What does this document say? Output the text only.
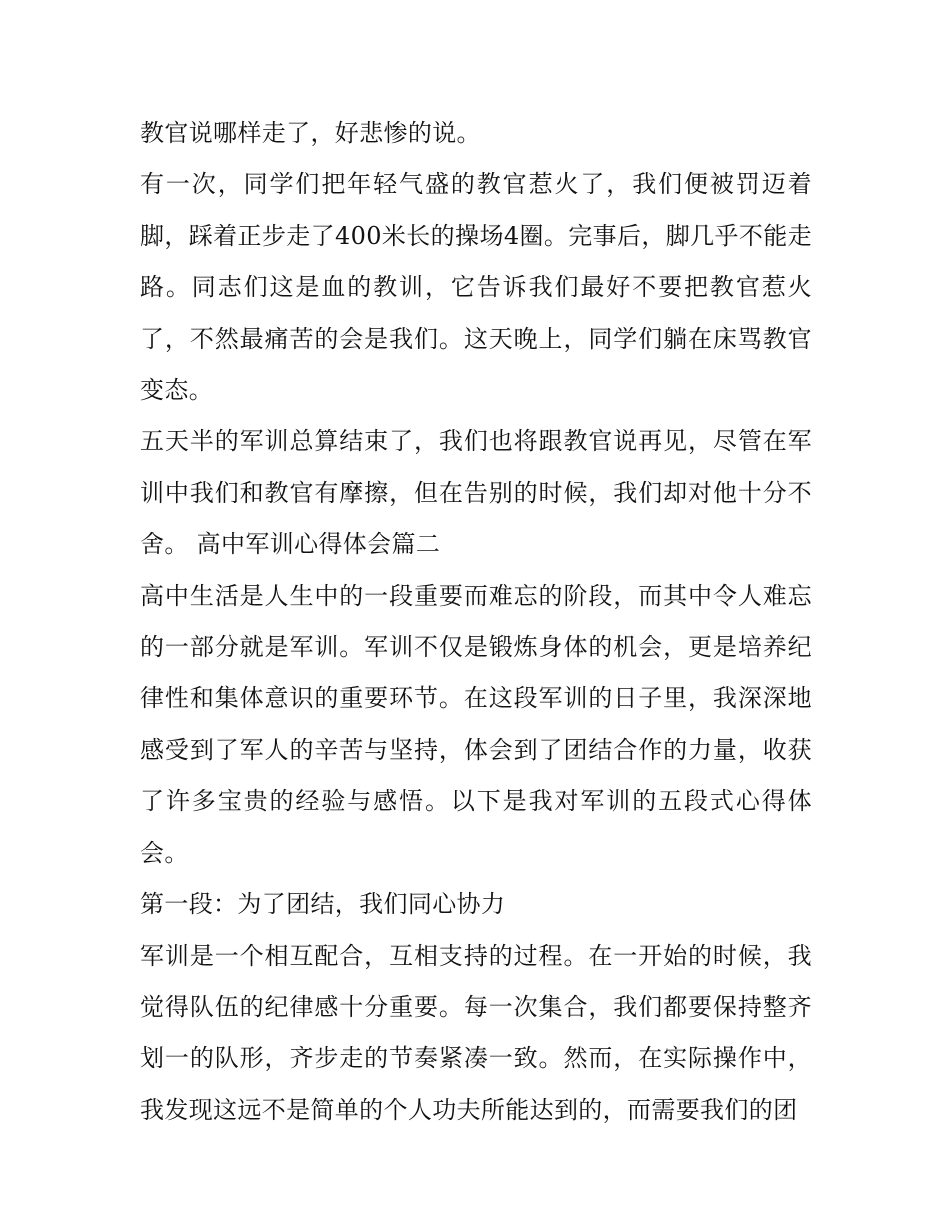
教官说哪样走了，好悲惨的说。

有一次，同学们把年轻气盛的教官惹火了，我们便被罚迈着脚，踩着正步走了400米长的操场4圈。完事后，脚几乎不能走路。同志们这是血的教训，它告诉我们最好不要把教官惹火了，不然最痛苦的会是我们。这天晚上，同学们躺在床骂教官变态。

五天半的军训总算结束了，我们也将跟教官说再见，尽管在军训中我们和教官有摩擦，但在告别的时候，我们却对他十分不舍。 高中军训心得体会篇二

高中生活是人生中的一段重要而难忘的阶段，而其中令人难忘的一部分就是军训。军训不仅是锻炼身体的机会，更是培养纪律性和集体意识的重要环节。在这段军训的日子里，我深深地感受到了军人的辛苦与坚持，体会到了团结合作的力量，收获了许多宝贵的经验与感悟。以下是我对军训的五段式心得体会。

第一段：为了团结，我们同心协力

军训是一个相互配合，互相支持的过程。在一开始的时候，我觉得队伍的纪律感十分重要。每一次集合，我们都要保持整齐划一的队形，齐步走的节奏紧凑一致。然而，在实际操作中，我发现这远不是简单的个人功夫所能达到的，而需要我们的团
